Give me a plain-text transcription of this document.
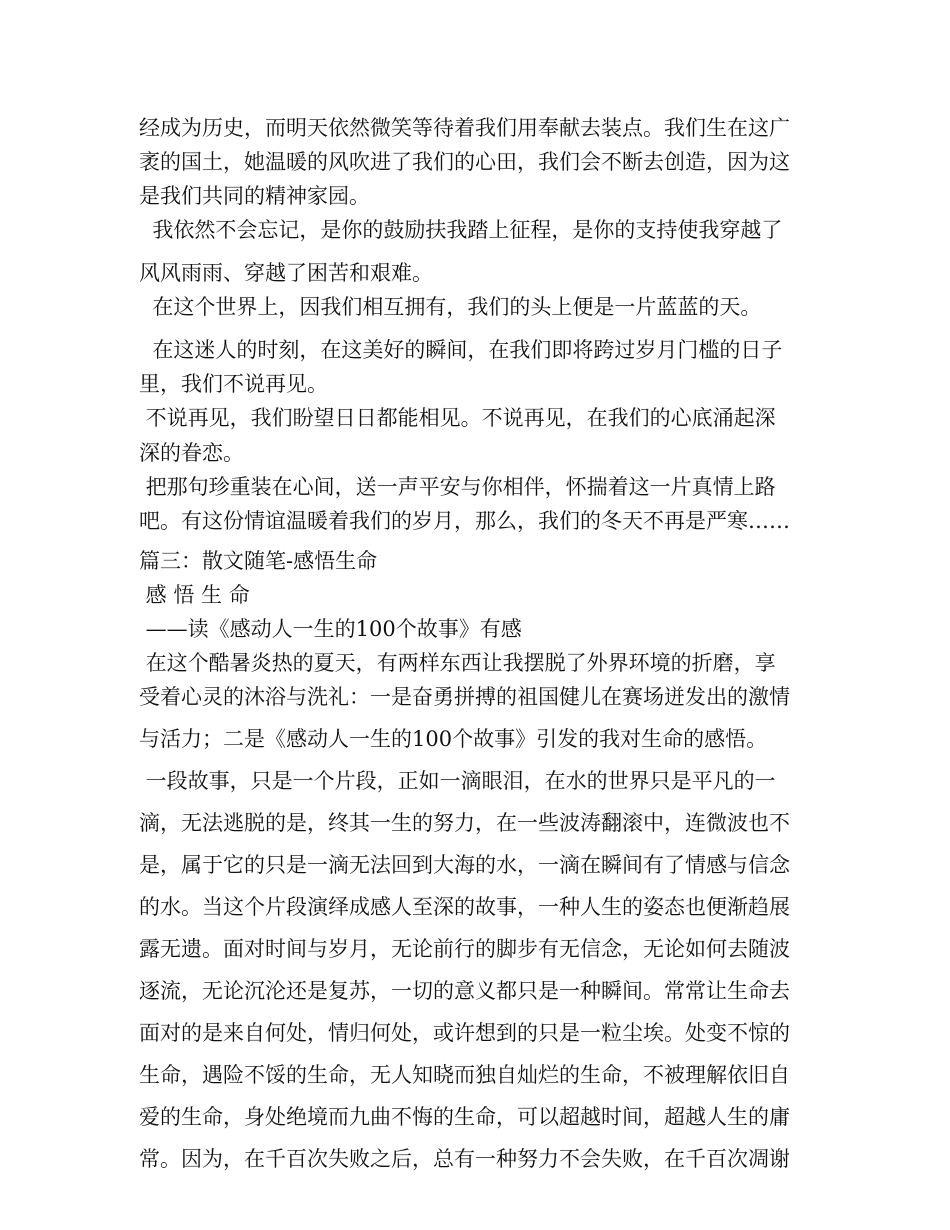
经成为历史，而明天依然微笑等待着我们用奉献去装点。我们生在这广
袤的国土，她温暖的风吹进了我们的心田，我们会不断去创造，因为这
是我们共同的精神家园。
我依然不会忘记，是你的鼓励扶我踏上征程，是你的支持使我穿越了
风风雨雨、穿越了困苦和艰难。
在这个世界上，因我们相互拥有，我们的头上便是一片蓝蓝的天。
在这迷人的时刻，在这美好的瞬间，在我们即将跨过岁月门槛的日子
里，我们不说再见。
不说再见，我们盼望日日都能相见。不说再见，在我们的心底涌起深
深的眷恋。
把那句珍重装在心间，送一声平安与你相伴，怀揣着这一片真情上路
吧。有这份情谊温暖着我们的岁月，那么，我们的冬天不再是严寒……
篇三：散文随笔-感悟生命
感 悟 生 命
——读《感动人一生的100个故事》有感
在这个酷暑炎热的夏天，有两样东西让我摆脱了外界环境的折磨，享
受着心灵的沐浴与洗礼：一是奋勇拼搏的祖国健儿在赛场迸发出的激情
与活力；二是《感动人一生的100个故事》引发的我对生命的感悟。
一段故事，只是一个片段，正如一滴眼泪，在水的世界只是平凡的一
滴，无法逃脱的是，终其一生的努力，在一些波涛翻滚中，连微波也不
是，属于它的只是一滴无法回到大海的水，一滴在瞬间有了情感与信念
的水。当这个片段演绎成感人至深的故事，一种人生的姿态也便渐趋展
露无遗。面对时间与岁月，无论前行的脚步有无信念，无论如何去随波
逐流，无论沉沦还是复苏，一切的意义都只是一种瞬间。常常让生命去
面对的是来自何处，情归何处，或许想到的只是一粒尘埃。处变不惊的
生命，遇险不馁的生命，无人知晓而独自灿烂的生命，不被理解依旧自
爱的生命，身处绝境而九曲不悔的生命，可以超越时间，超越人生的庸
常。因为，在千百次失败之后，总有一种努力不会失败，在千百次凋谢
